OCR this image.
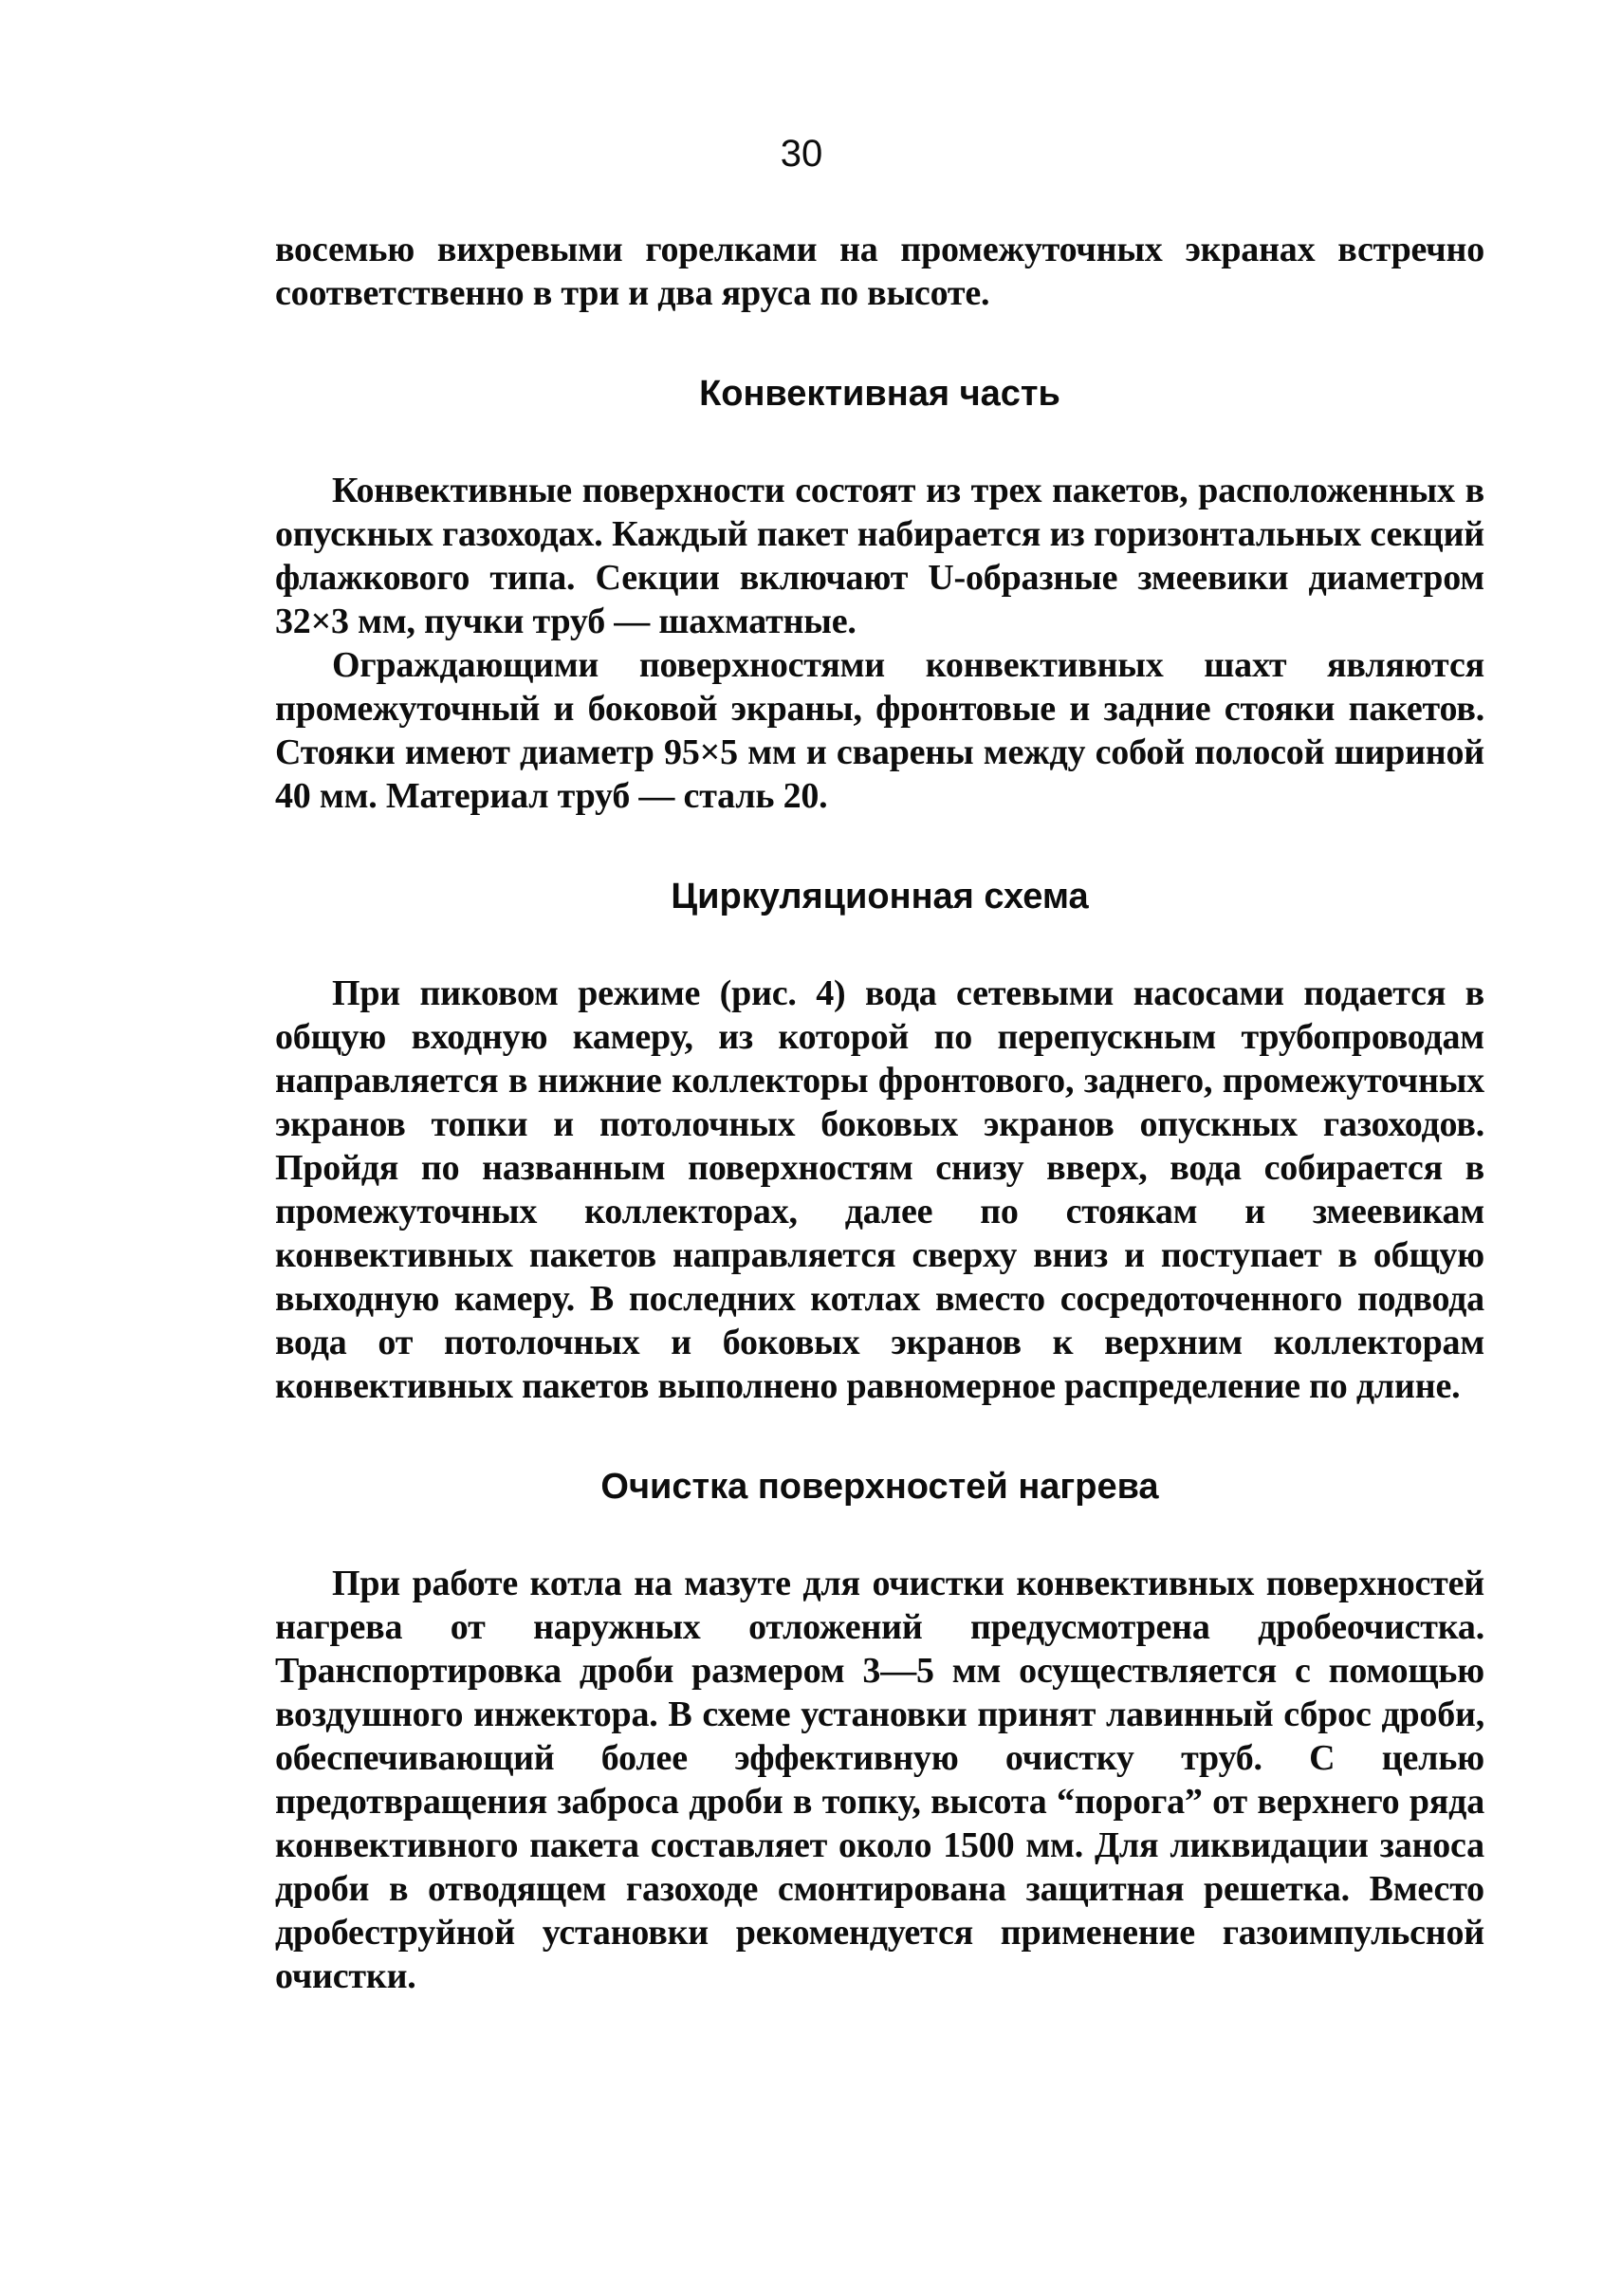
30

восемью вихревыми горелками на промежуточных экранах встречно соответственно в три и два яруса по высоте.

Конвективная часть

Конвективные поверхности состоят из трех пакетов, расположенных в опускных газоходах. Каждый пакет набирается из горизонтальных секций флажкового типа. Секции включают U-образные змеевики диаметром 32×3 мм, пучки труб — шахматные.

Ограждающими поверхностями конвективных шахт являются промежуточный и боковой экраны, фронтовые и задние стояки пакетов. Стояки имеют диаметр 95×5 мм и сварены между собой полосой шириной 40 мм. Материал труб — сталь 20.

Циркуляционная схема

При пиковом режиме (рис. 4) вода сетевыми насосами подается в общую входную камеру, из которой по перепускным трубопроводам направляется в нижние коллекторы фронтового, заднего, промежуточных экранов топки и потолочных боковых экранов опускных газоходов. Пройдя по названным поверхностям снизу вверх, вода собирается в промежуточных коллекторах, далее по стоякам и змеевикам конвективных пакетов направляется сверху вниз и поступает в общую выходную камеру. В последних котлах вместо сосредоточенного подвода вода от потолочных и боковых экранов к верхним коллекторам конвективных пакетов выполнено равномерное распределение по длине.

Очистка поверхностей нагрева

При работе котла на мазуте для очистки конвективных поверхностей нагрева от наружных отложений предусмотрена дробеочистка. Транспортировка дроби размером 3—5 мм осуществляется с помощью воздушного инжектора. В схеме установки принят лавинный сброс дроби, обеспечивающий более эффективную очистку труб. С целью предотвращения заброса дроби в топку, высота “порога” от верхнего ряда конвективного пакета составляет около 1500 мм. Для ликвидации заноса дроби в отводящем газоходе смонтирована защитная решетка. Вместо дробеструйной установки рекомендуется применение газоимпульсной очистки.
